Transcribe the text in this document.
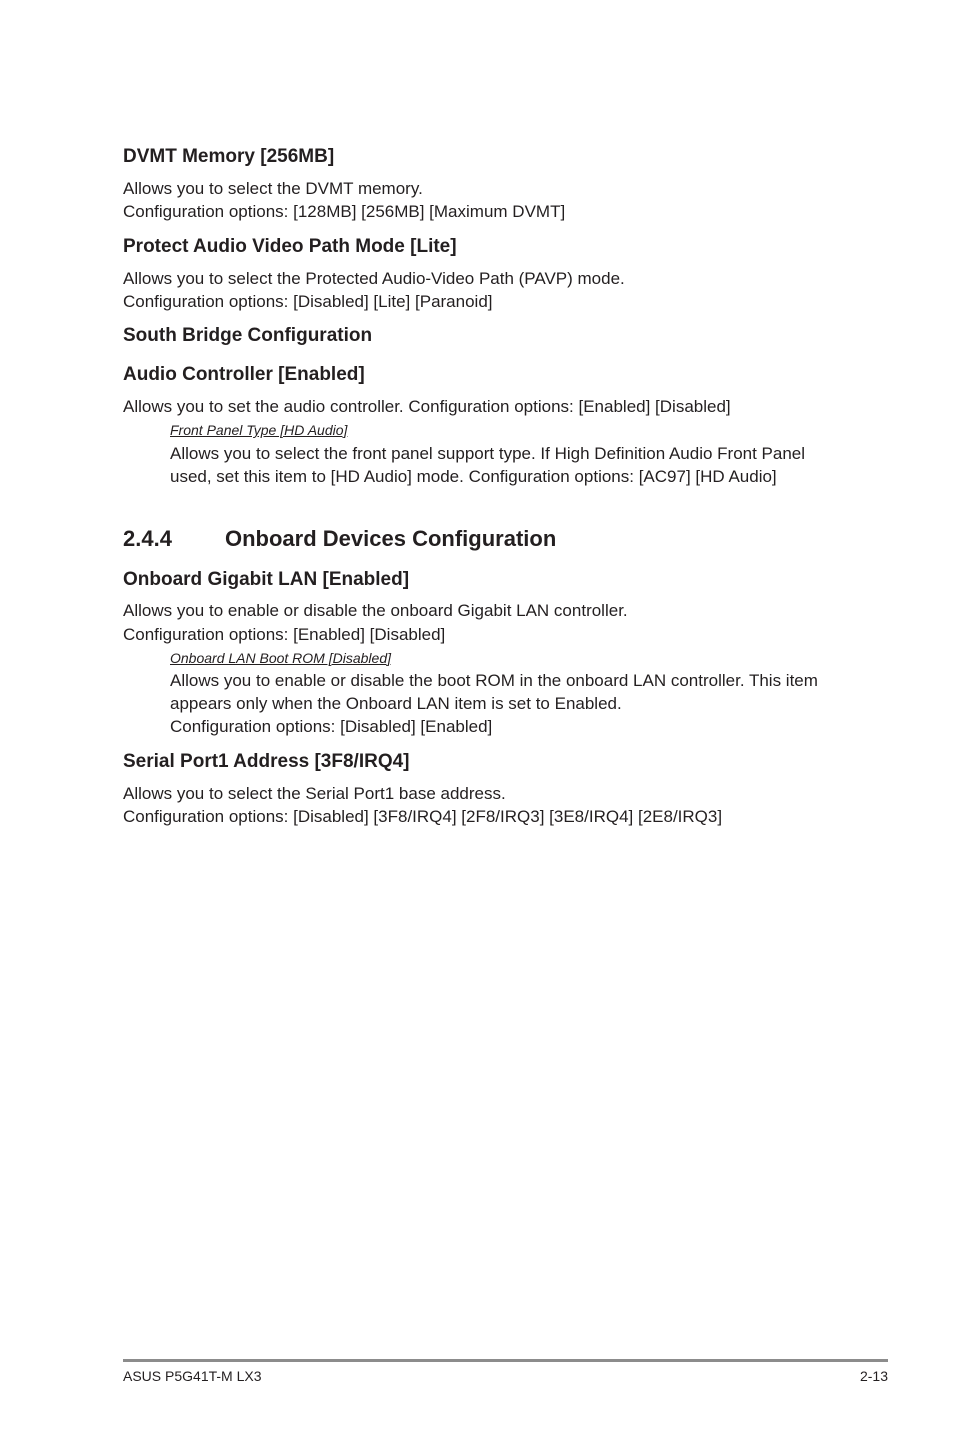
DVMT Memory [256MB]
Allows you to select the DVMT memory.
Configuration options: [128MB] [256MB] [Maximum DVMT]
Protect Audio Video Path Mode [Lite]
Allows you to select the Protected Audio-Video Path (PAVP) mode.
Configuration options: [Disabled] [Lite] [Paranoid]
South Bridge Configuration
Audio Controller [Enabled]
Allows you to set the audio controller. Configuration options: [Enabled] [Disabled]
Front Panel Type [HD Audio]
Allows you to select the front panel support type. If High Definition Audio Front Panel
used, set this item to [HD Audio] mode. Configuration options: [AC97] [HD Audio]
2.4.4 Onboard Devices Configuration
Onboard Gigabit LAN [Enabled]
Allows you to enable or disable the onboard Gigabit LAN controller.
Configuration options: [Enabled] [Disabled]
Onboard LAN Boot ROM [Disabled]
Allows you to enable or disable the boot ROM in the onboard LAN controller. This item
appears only when the Onboard LAN item is set to Enabled.
Configuration options: [Disabled] [Enabled]
Serial Port1 Address [3F8/IRQ4]
Allows you to select the Serial Port1 base address.
Configuration options: [Disabled] [3F8/IRQ4] [2F8/IRQ3] [3E8/IRQ4] [2E8/IRQ3]
ASUS P5G41T-M LX3	2-13
